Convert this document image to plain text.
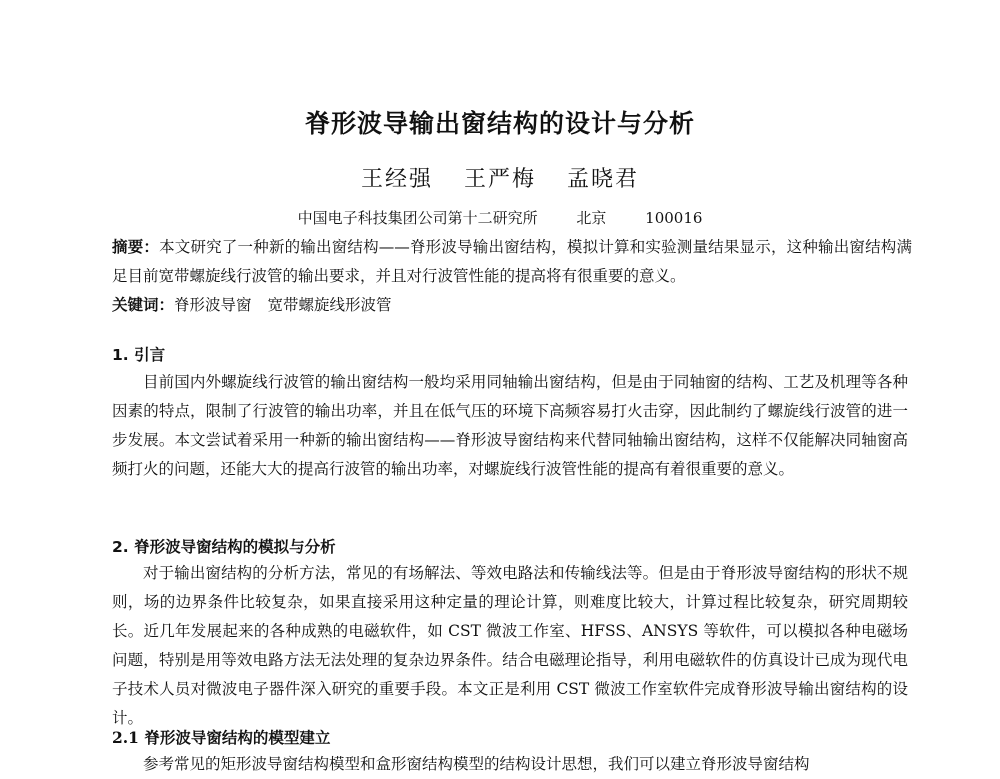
脊形波导输出窗结构的设计与分析
王经强 王严梅 孟晓君
中国电子科技集团公司第十二研究所	北京	100016

摘要：本文研究了一种新的输出窗结构——脊形波导输出窗结构，模拟计算和实验测量结果显示，这种输出窗结构满足目前宽带螺旋线行波管的输出要求，并且对行波管性能的提高将有很重要的意义。

关键词：脊形波导窗 宽带螺旋线形波管
1. 引言

目前国内外螺旋线行波管的输出窗结构一般均采用同轴输出窗结构，但是由于同轴窗的结构、工艺及机理等各种因素的特点，限制了行波管的输出功率，并且在低气压的环境下高频容易打火击穿，因此制约了螺旋线行波管的进一步发展。本文尝试着采用一种新的输出窗结构——脊形波导窗结构来代替同轴输出窗结构，这样不仅能解决同轴窗高频打火的问题，还能大大的提高行波管的输出功率，对螺旋线行波管性能的提高有着很重要的意义。

2. 脊形波导窗结构的模拟与分析

对于输出窗结构的分析方法，常见的有场解法、等效电路法和传输线法等。但是由于脊形波导窗结构的形状不规则，场的边界条件比较复杂，如果直接采用这种定量的理论计算，则难度比较大，计算过程比较复杂，研究周期较长。近几年发展起来的各种成熟的电磁软件，如 CST 微波工作室、HFSS、ANSYS 等软件，可以模拟各种电磁场问题，特别是用等效电路方法无法处理的复杂边界条件。结合电磁理论指导，利用电磁软件的仿真设计已成为现代电子技术人员对微波电子器件深入研究的重要手段。本文正是利用 CST 微波工作室软件完成脊形波导输出窗结构的设计。

2.1 脊形波导窗结构的模型建立

参考常见的矩形波导窗结构模型和盒形窗结构模型的结构设计思想，我们可以建立脊形波导窗结构
